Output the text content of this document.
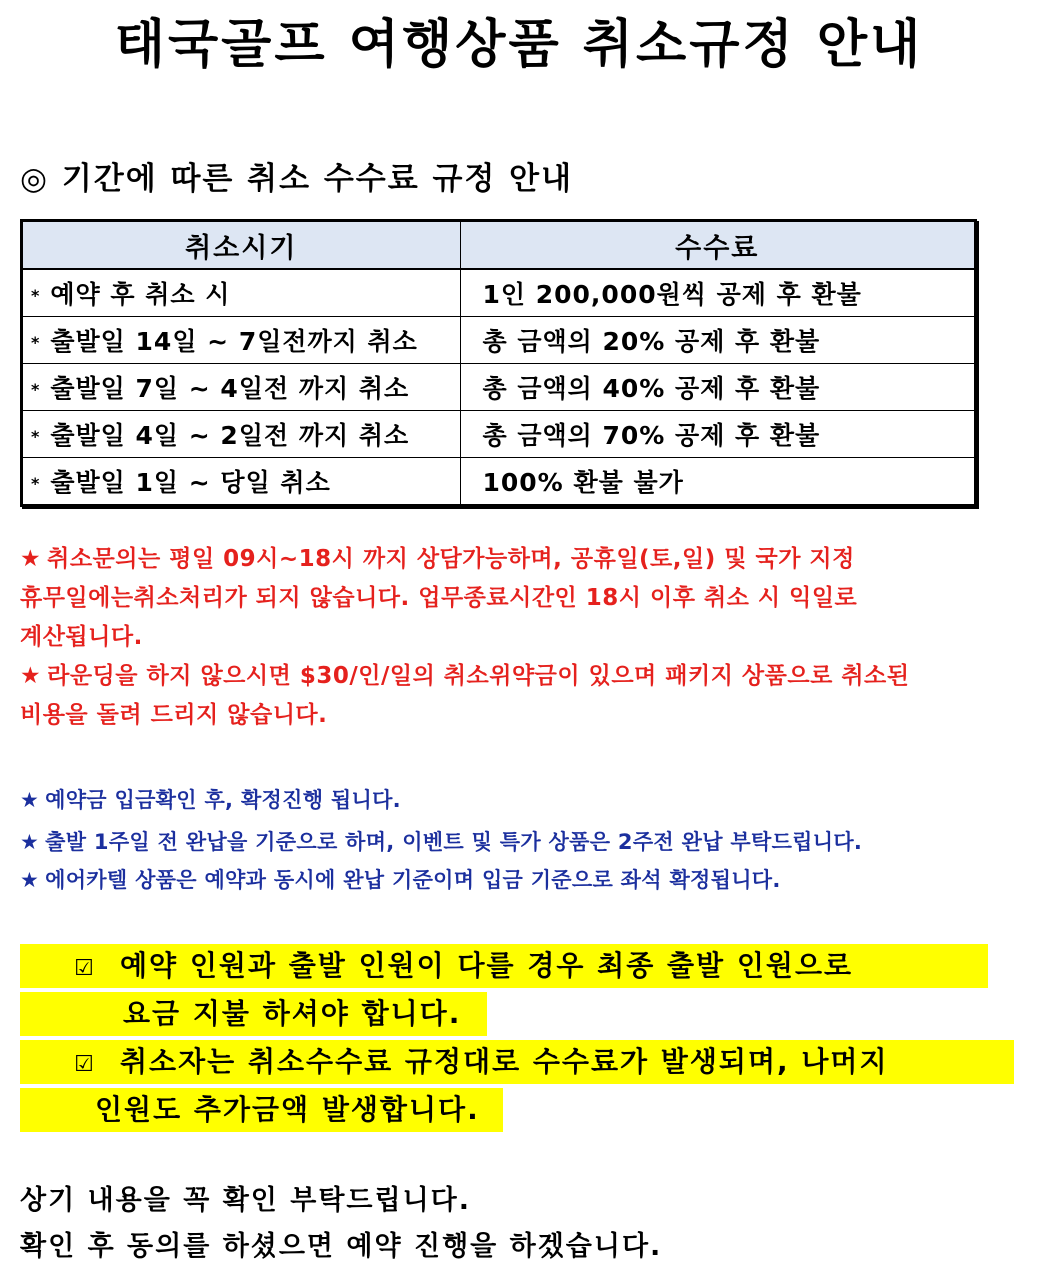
태국골프 여행상품 취소규정 안내
◎ 기간에 따른 취소 수수료 규정 안내
취소시기	수수료
* 예약 후 취소 시	1인 200,000원씩 공제 후 환불
* 출발일 14일 ~ 7일전까지 취소	총 금액의 20% 공제 후 환불
* 출발일 7일 ~ 4일전 까지 취소	총 금액의 40% 공제 후 환불
* 출발일 4일 ~ 2일전 까지 취소	총 금액의 70% 공제 후 환불
* 출발일 1일 ~ 당일 취소	100% 환불 불가

★ 취소문의는 평일 09시~18시 까지 상담가능하며, 공휴일(토,일) 및 국가 지정

휴무일에는취소처리가 되지 않습니다. 업무종료시간인 18시 이후 취소 시 익일로

계산됩니다.

★ 라운딩을 하지 않으시면 $30/인/일의 취소위약금이 있으며 패키지 상품으로 취소된

비용을 돌려 드리지 않습니다.

★ 예약금 입금확인 후, 확정진행 됩니다.

★ 출발 1주일 전 완납을 기준으로 하며, 이벤트 및 특가 상품은 2주전 완납 부탁드립니다.

★ 에어카텔 상품은 예약과 동시에 완납 기준이며 입금 기준으로 좌석 확정됩니다.

☑ 예약 인원과 출발 인원이 다를 경우 최종 출발 인원으로
요금 지불 하셔야 합니다.
☑ 취소자는 취소수수료 규정대로 수수료가 발생되며, 나머지
인원도 추가금액 발생합니다.

상기 내용을 꼭 확인 부탁드립니다.

확인 후 동의를 하셨으면 예약 진행을 하겠습니다.
